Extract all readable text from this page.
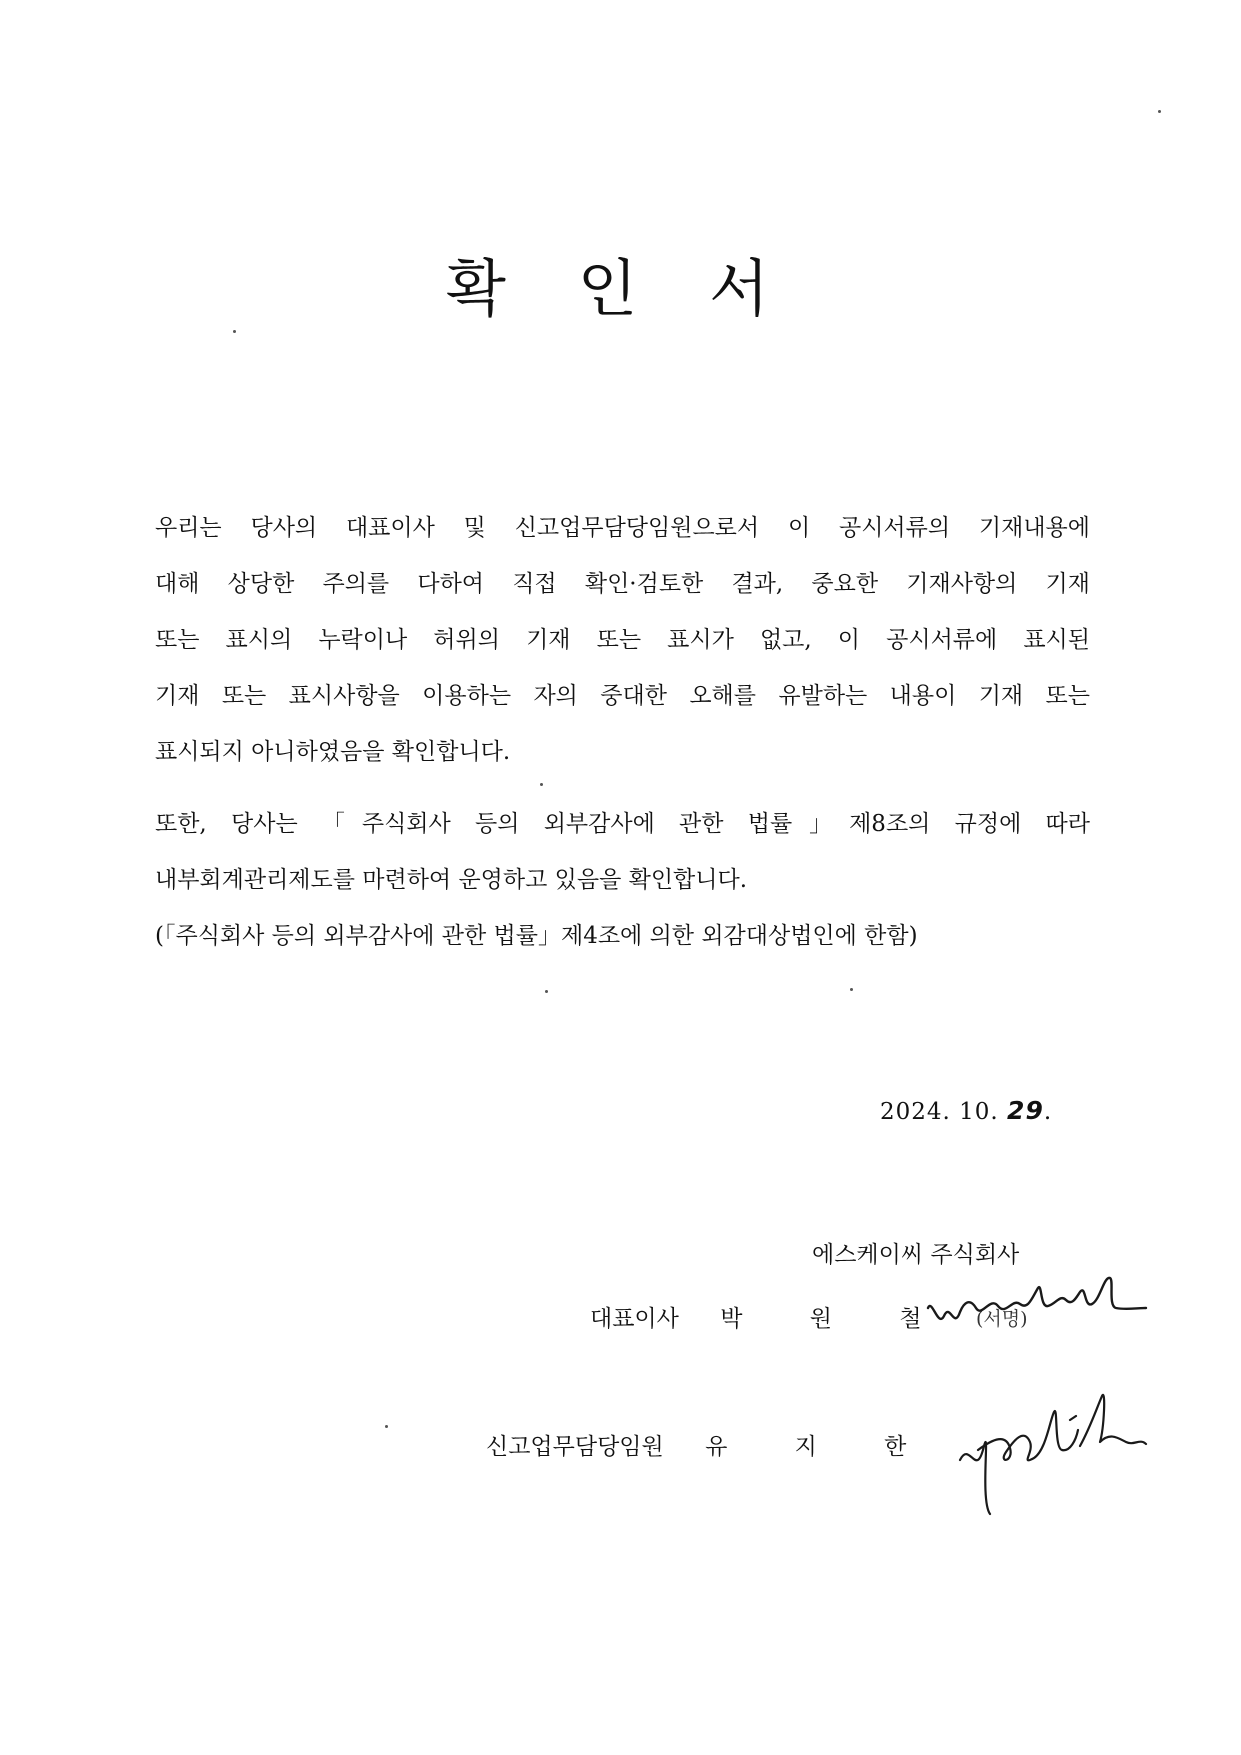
확 인 서
우리는 당사의 대표이사 및 신고업무담당임원으로서 이 공시서류의 기재내용에
대해 상당한 주의를 다하여 직접 확인·검토한 결과, 중요한 기재사항의 기재
또는 표시의 누락이나 허위의 기재 또는 표시가 없고, 이 공시서류에 표시된
기재 또는 표시사항을 이용하는 자의 중대한 오해를 유발하는 내용이 기재 또는
표시되지 아니하였음을 확인합니다.
또한, 당사는 「주식회사 등의 외부감사에 관한 법률」제8조의 규정에 따라
내부회계관리제도를 마련하여 운영하고 있음을 확인합니다.
(「주식회사 등의 외부감사에 관한 법률」제4조에 의한 외감대상법인에 한함)
2024. 10. 29.
에스케이씨 주식회사
대표이사 박 원 철 (서명)
신고업무담당임원 유 지 한
